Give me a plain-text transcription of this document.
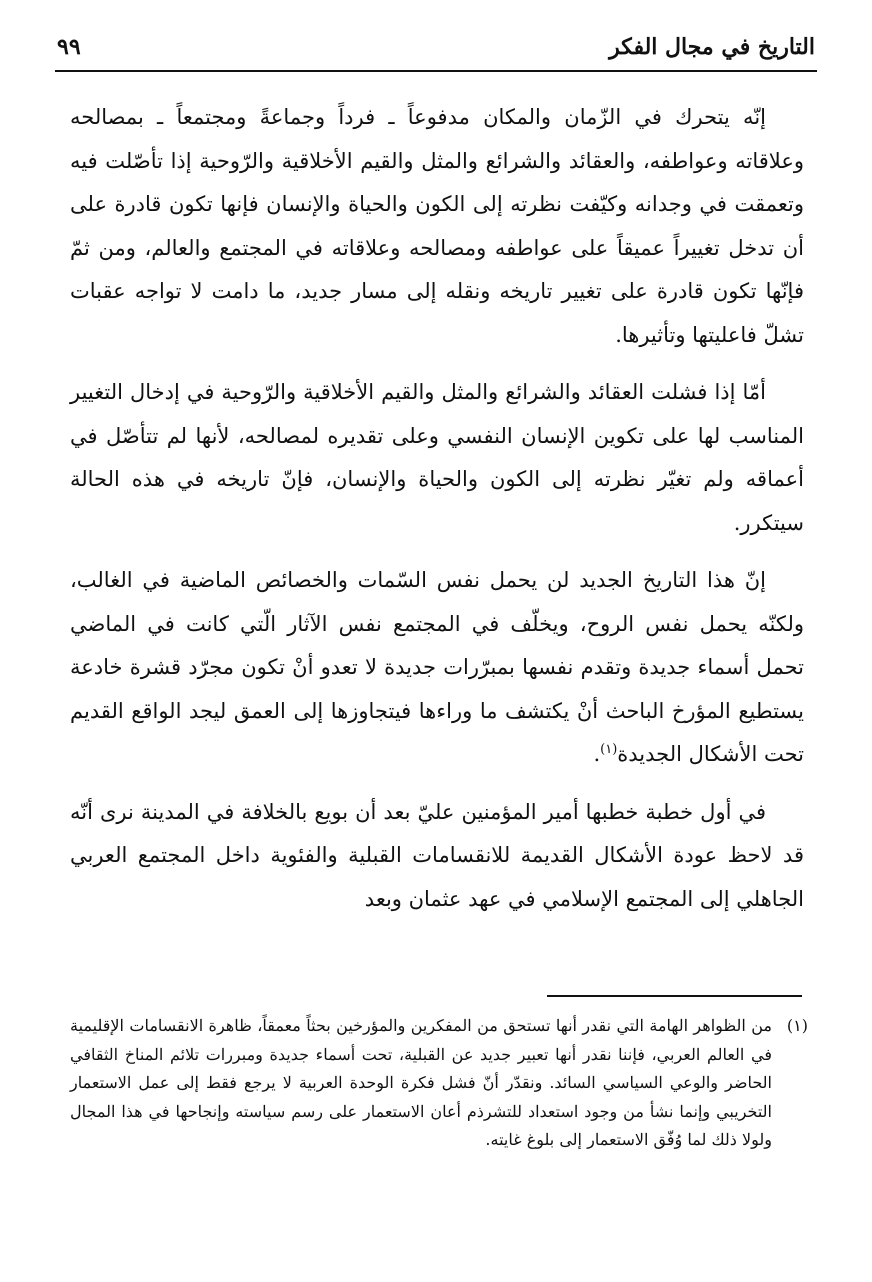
التاريخ في مجال الفكر
٩٩

إنّه يتحرك في الزّمان والمكان مدفوعاً ـ فرداً وجماعةً ومجتمعاً ـ بمصالحه وعلاقاته وعواطفه، والعقائد والشرائع والمثل والقيم الأخلاقية والرّوحية إذا تأصّلت فيه وتعمقت في وجدانه وكيّفت نظرته إلى الكون والحياة والإنسان فإنها تكون قادرة على أن تدخل تغييراً عميقاً على عواطفه ومصالحه وعلاقاته في المجتمع والعالم، ومن ثمّ فإنّها تكون قادرة على تغيير تاريخه ونقله إلى مسار جديد، ما دامت لا تواجه عقبات تشلّ فاعليتها وتأثيرها.

أمّا إذا فشلت العقائد والشرائع والمثل والقيم الأخلاقية والرّوحية في إدخال التغيير المناسب لها على تكوين الإنسان النفسي وعلى تقديره لمصالحه، لأنها لم تتأصّل في أعماقه ولم تغيّر نظرته إلى الكون والحياة والإنسان، فإنّ تاريخه في هذه الحالة سيتكرر.

إنّ هذا التاريخ الجديد لن يحمل نفس السّمات والخصائص الماضية في الغالب، ولكنّه يحمل نفس الروح، ويخلّف في المجتمع نفس الآثار الّتي كانت في الماضي تحمل أسماء جديدة وتقدم نفسها بمبرّرات جديدة لا تعدو أنْ تكون مجرّد قشرة خادعة يستطيع المؤرخ الباحث أنْ يكتشف ما وراءها فيتجاوزها إلى العمق ليجد الواقع القديم تحت الأشكال الجديدة$^{(١)}$.

في أول خطبة خطبها أمير المؤمنين عليّ بعد أن بويع بالخلافة في المدينة نرى أنّه قد لاحظ عودة الأشكال القديمة للانقسامات القبلية والفئوية داخل المجتمع العربي الجاهلي إلى المجتمع الإسلامي في عهد عثمان وبعد

(١)
من الظواهر الهامة التي نقدر أنها تستحق من المفكرين والمؤرخين بحثاً معمقاً، ظاهرة الانقسامات الإقليمية في العالم العربي، فإننا نقدر أنها تعبير جديد عن القبلية، تحت أسماء جديدة ومبررات تلائم المناخ الثقافي الحاضر والوعي السياسي السائد. ونقدّر أنّ فشل فكرة الوحدة العربية لا يرجع فقط إلى عمل الاستعمار التخريبي وإنما نشأ من وجود استعداد للتشرذم أعان الاستعمار على رسم سياسته وإنجاحها في هذا المجال ولولا ذلك لما وُفّق الاستعمار إلى بلوغ غايته.
